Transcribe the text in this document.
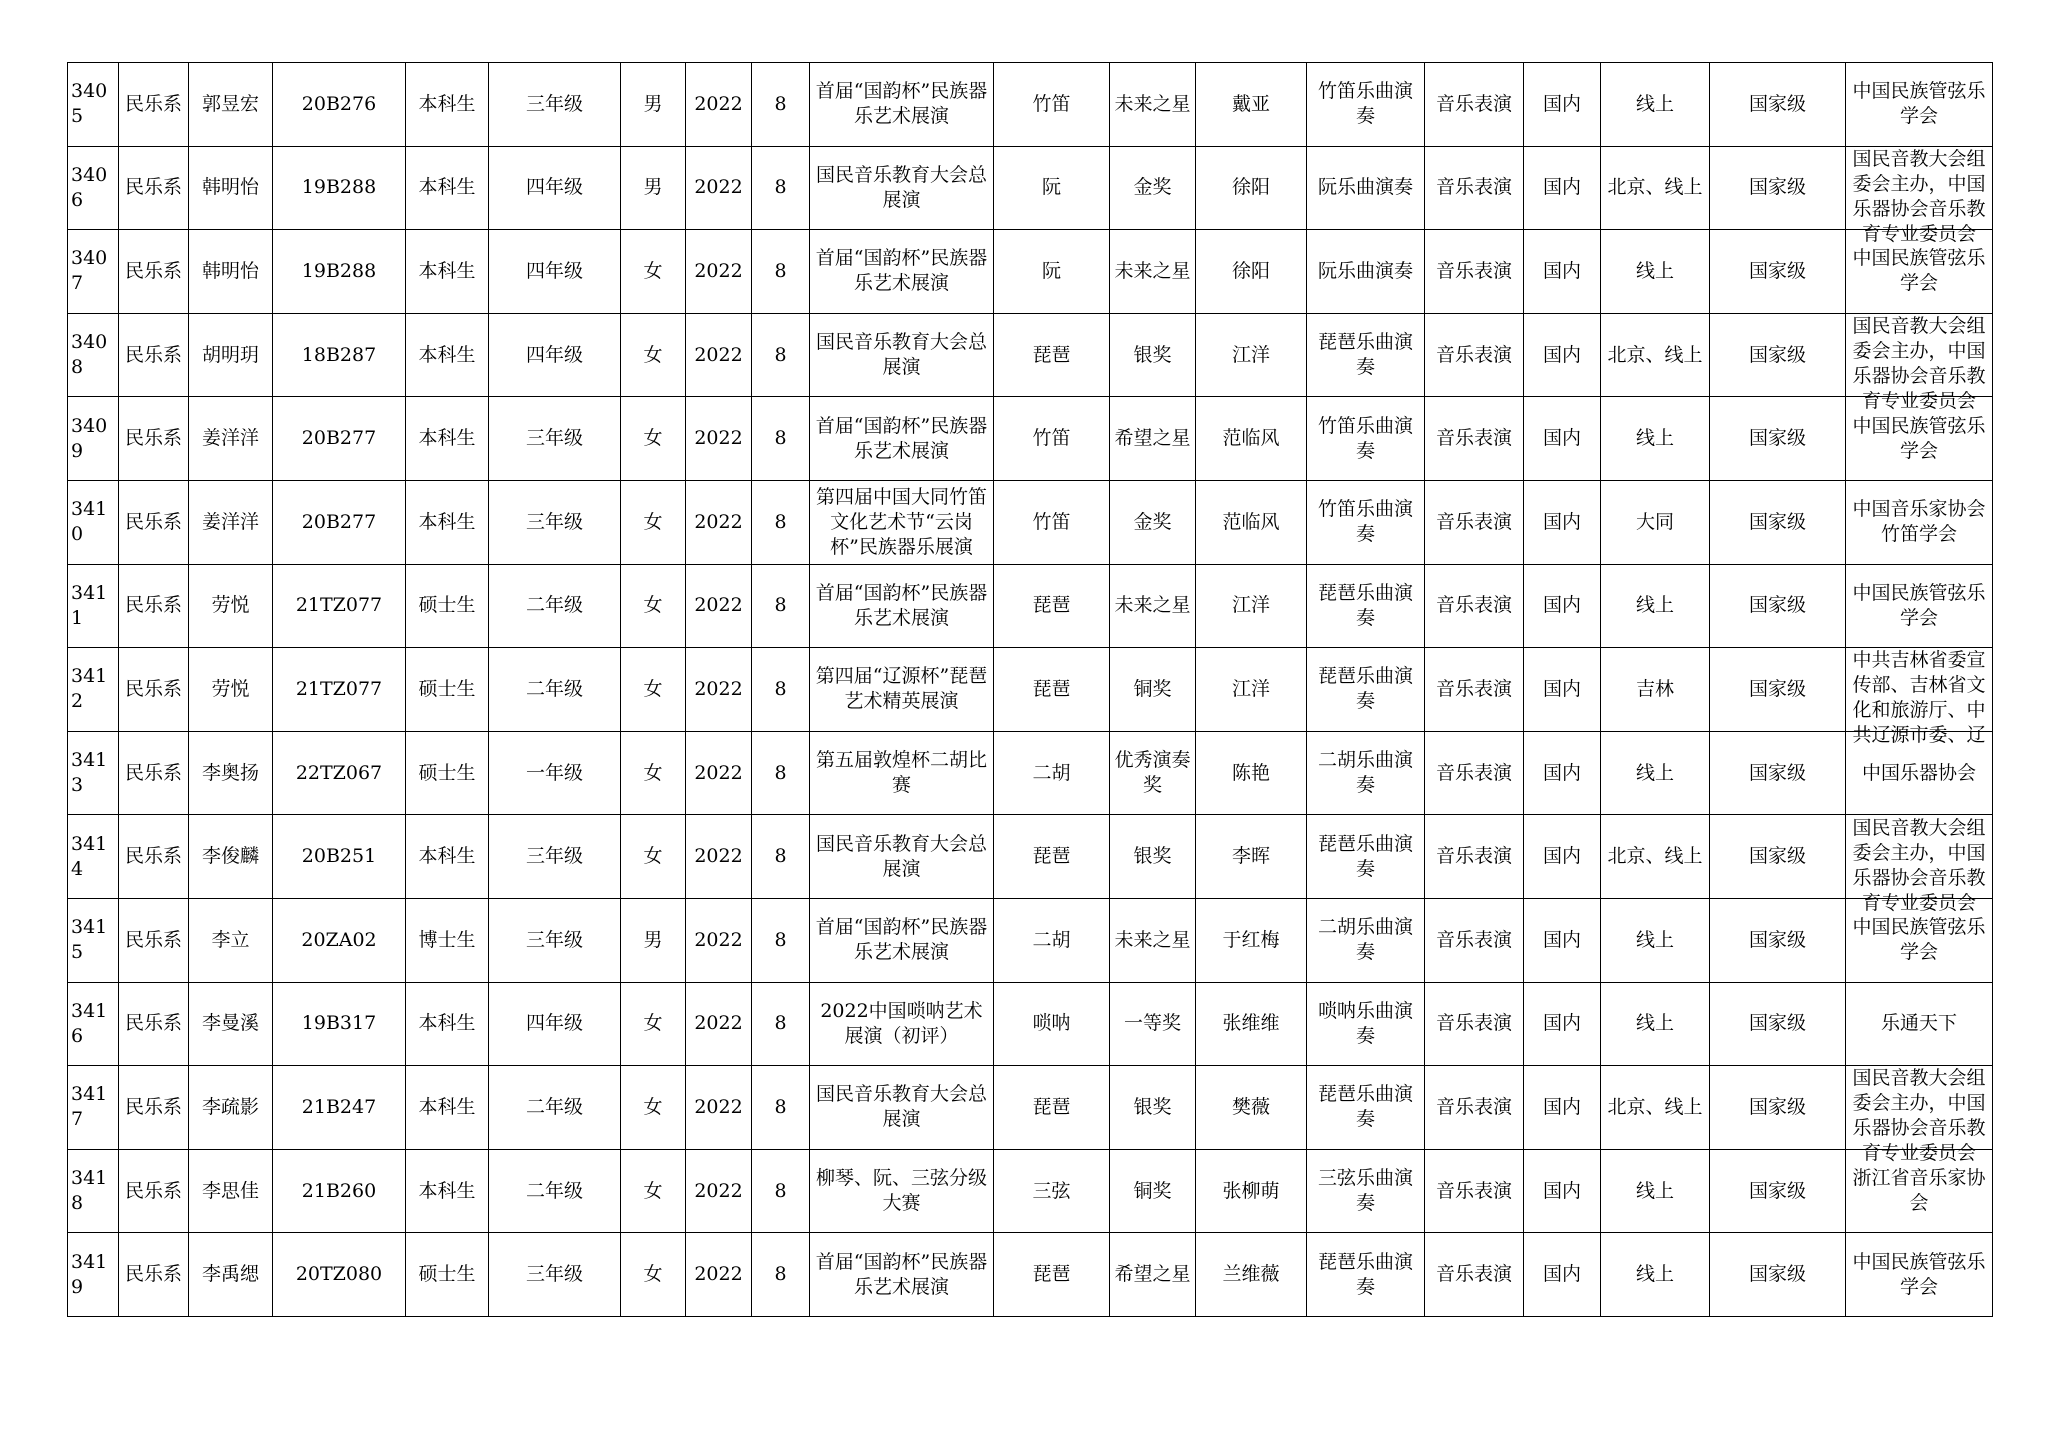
3405	民乐系	郭昱宏	20B276	本科生	三年级	男	2022	8	首届“国韵杯”民族器乐艺术展演	竹笛	未来之星	戴亚	竹笛乐曲演奏	音乐表演	国内	线上	国家级	中国民族管弦乐学会

3406	民乐系	韩明怡	19B288	本科生	四年级	男	2022	8	国民音乐教育大会总展演	阮	金奖	徐阳	阮乐曲演奏	音乐表演	国内	北京、线上	国家级	国民音教大会组委会主办，中国乐器协会音乐教育专业委员会

3407	民乐系	韩明怡	19B288	本科生	四年级	女	2022	8	首届“国韵杯”民族器乐艺术展演	阮	未来之星	徐阳	阮乐曲演奏	音乐表演	国内	线上	国家级	中国民族管弦乐学会

3408	民乐系	胡明玥	18B287	本科生	四年级	女	2022	8	国民音乐教育大会总展演	琵琶	银奖	江洋	琵琶乐曲演奏	音乐表演	国内	北京、线上	国家级	国民音教大会组委会主办，中国乐器协会音乐教育专业委员会

3409	民乐系	姜洋洋	20B277	本科生	三年级	女	2022	8	首届“国韵杯”民族器乐艺术展演	竹笛	希望之星	范临风	竹笛乐曲演奏	音乐表演	国内	线上	国家级	中国民族管弦乐学会

3410	民乐系	姜洋洋	20B277	本科生	三年级	女	2022	8	第四届中国大同竹笛文化艺术节“云岗杯”民族器乐展演	竹笛	金奖	范临风	竹笛乐曲演奏	音乐表演	国内	大同	国家级	中国音乐家协会竹笛学会

3411	民乐系	劳悦	21TZ077	硕士生	二年级	女	2022	8	首届“国韵杯”民族器乐艺术展演	琵琶	未来之星	江洋	琵琶乐曲演奏	音乐表演	国内	线上	国家级	中国民族管弦乐学会

3412	民乐系	劳悦	21TZ077	硕士生	二年级	女	2022	8	第四届“辽源杯”琵琶艺术精英展演	琵琶	铜奖	江洋	琵琶乐曲演奏	音乐表演	国内	吉林	国家级	中共吉林省委宣传部、吉林省文化和旅游厅、中共辽源市委、辽

3413	民乐系	李奥扬	22TZ067	硕士生	一年级	女	2022	8	第五届敦煌杯二胡比赛	二胡	优秀演奏奖	陈艳	二胡乐曲演奏	音乐表演	国内	线上	国家级	中国乐器协会

3414	民乐系	李俊麟	20B251	本科生	三年级	女	2022	8	国民音乐教育大会总展演	琵琶	银奖	李晖	琵琶乐曲演奏	音乐表演	国内	北京、线上	国家级	国民音教大会组委会主办，中国乐器协会音乐教育专业委员会

3415	民乐系	李立	20ZA02	博士生	三年级	男	2022	8	首届“国韵杯”民族器乐艺术展演	二胡	未来之星	于红梅	二胡乐曲演奏	音乐表演	国内	线上	国家级	中国民族管弦乐学会

3416	民乐系	李曼溪	19B317	本科生	四年级	女	2022	8	2022中国唢呐艺术展演（初评）	唢呐	一等奖	张维维	唢呐乐曲演奏	音乐表演	国内	线上	国家级	乐通天下

3417	民乐系	李疏影	21B247	本科生	二年级	女	2022	8	国民音乐教育大会总展演	琵琶	银奖	樊薇	琵琶乐曲演奏	音乐表演	国内	北京、线上	国家级	国民音教大会组委会主办，中国乐器协会音乐教育专业委员会

3418	民乐系	李思佳	21B260	本科生	二年级	女	2022	8	柳琴、阮、三弦分级大赛	三弦	铜奖	张柳萌	三弦乐曲演奏	音乐表演	国内	线上	国家级	浙江省音乐家协会

3419	民乐系	李禹缌	20TZ080	硕士生	三年级	女	2022	8	首届“国韵杯”民族器乐艺术展演	琵琶	希望之星	兰维薇	琵琶乐曲演奏	音乐表演	国内	线上	国家级	中国民族管弦乐学会
